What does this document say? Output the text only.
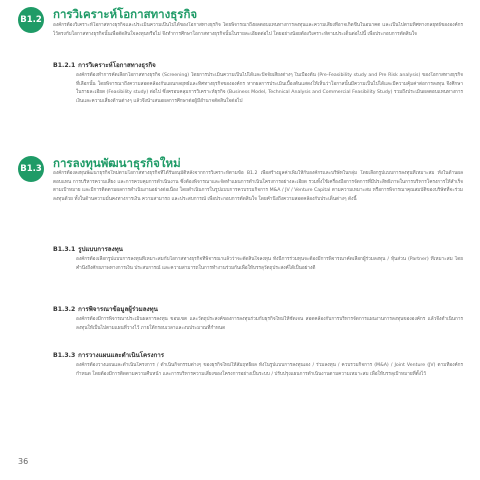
B1.2 การวิเคราะห์โอกาสทางธุรกิจ

องค์กรต้องวิเคราะห์โอกาสทางธุรกิจและประเมินความเป็นไปได้ของโอกาสทางธุรกิจ โดยพิจารณาถึงผลตอบแทนทางการลงทุนและความเสี่ยงที่อาจเกิดขึ้นในอนาคต และเป็นไปตามทิศทางกลยุทธ์ขององค์กรไว้ตรงกับโอกาสทางธุรกิจนั้นเพื่อตัดสินใจลงทุนหรือไม่ จึงทำการศึกษาโอกาสทางธุรกิจนั้นในรายละเอียดต่อไป โดยอย่างน้อยต้องวิเคราะห์ตามประเด็นต่อไปนี้ เพื่อประกอบการตัดสินใจ

B1.2.1 การวิเคราะห์โอกาสทางธุรกิจ

องค์กรต้องทำการคัดเลือกโอกาสทางธุรกิจ (Screening) โดยการประเมินความเป็นไปได้และปัจจัยเสี่ยงต่างๆ ในเบื้องต้น (Pre-Feasibility study and Pre Risk analysis) ของโอกาสทางธุรกิจที่เลือกนั้น โดยพิจารณาถึงความสอดคล้องกับแผนกลยุทธ์และทิศทางธุรกิจขององค์กร หากผลการประเมินเบื้องต้นแสดงให้เห็นว่าโอกาสนั้นมีความเป็นไปได้และมีความคุ้มค่าต่อการลงทุน จึงศึกษาในรายละเอียด (Feasibility study) ต่อไป ซึ่งครอบคลุมการวิเคราะห์ธุรกิจ (Business Model, Technical Analysis and Commercial Feasibility Study) รวมถึงประเมินผลตอบแทนทางการเงินและความเสี่ยงด้านต่างๆ แล้วจึงนำเสนอผลการศึกษาต่อผู้มีอำนาจตัดสินใจต่อไป

B1.3 การลงทุนพัฒนาธุรกิจใหม่

องค์กรต้องลงทุนพัฒนาธุรกิจใหม่ตามโอกาสทางธุรกิจที่ได้รับอนุมัติหลังจากการวิเคราะห์ตามข้อ B1.2 เพื่อสร้างมูลค่าเพิ่มให้กับองค์กรและบริษัทในกลุ่ม โดยเลือกรูปแบบการลงทุนที่เหมาะสม ทั้งในด้านผลตอบแทน การบริหารความเสี่ยง และการควบคุมการดำเนินงาน ซึ่งต้องพิจารณาและจัดทำแผนการดำเนินโครงการอย่างละเอียด รวมทั้งใช้เครื่องมือการจัดการที่มีประสิทธิภาพในการบริหารโครงการให้สำเร็จตามเป้าหมาย และมีการติดตามผลการดำเนินงานอย่างต่อเนื่อง โดยดำเนินการในรูปแบบการควบรวมกิจการ M&A / JV / Venture Capital ตามความเหมาะสม หรือการพิจารณาคุณสมบัติของบริษัทที่จะร่วมลงทุนด้วย ทั้งในด้านความมั่นคงทางการเงิน ความสามารถ และประสบการณ์ เพื่อประกอบการตัดสินใจ โดยคำนึงถึงความสอดคล้องกับประเด็นต่างๆ ดังนี้

B1.3.1 รูปแบบการลงทุน

องค์กรต้องเลือกรูปแบบการลงทุนที่เหมาะสมกับโอกาสทางธุรกิจที่พิจารณาแล้วว่าจะตัดสินใจลงทุน ทั้งนี้การร่วมทุนจะต้องมีการพิจารณาคัดเลือกผู้ร่วมลงทุน / หุ้นส่วน (Partner) ที่เหมาะสม โดยคำนึงถึงศักยภาพทางการเงิน ประสบการณ์ และความสามารถในการทำงานร่วมกันเพื่อให้บรรลุวัตถุประสงค์ได้เป็นอย่างดี

B1.3.2 การพิจารณาข้อมูลผู้ร่วมลงทุน

องค์กรต้องมีการพิจารณาประเมินผลการลงทุน ขอบเขต และวัตถุประสงค์ของการลงทุนร่วมกับธุรกิจใหม่ให้ชัดเจน สอดคล้องกับการบริหารจัดการแผนงานการลงทุนขององค์กร แล้วจึงดำเนินการลงทุนให้เป็นไปตามแผนที่วางไว้ ภายใต้กรอบเวลาและงบประมาณที่กำหนด

B1.3.3 การวางแผนและดำเนินโครงการ

องค์กรต้องวางแผนและดำเนินโครงการ / ดำเนินกิจกรรมต่างๆ ของธุรกิจใหม่ให้สัมฤทธิ์ผล ทั้งในรูปแบบการลงทุนเอง / ร่วมลงทุน / ควบรวมกิจการ (M&A) / Joint Venture (JV) ตามที่องค์กรกำหนด โดยต้องมีการติดตามความคืบหน้า และการบริหารความเสี่ยงของโครงการอย่างเป็นระบบ / ปรับปรุงแผนการดำเนินงานตามความเหมาะสม เพื่อให้บรรลุเป้าหมายที่ตั้งไว้

36
